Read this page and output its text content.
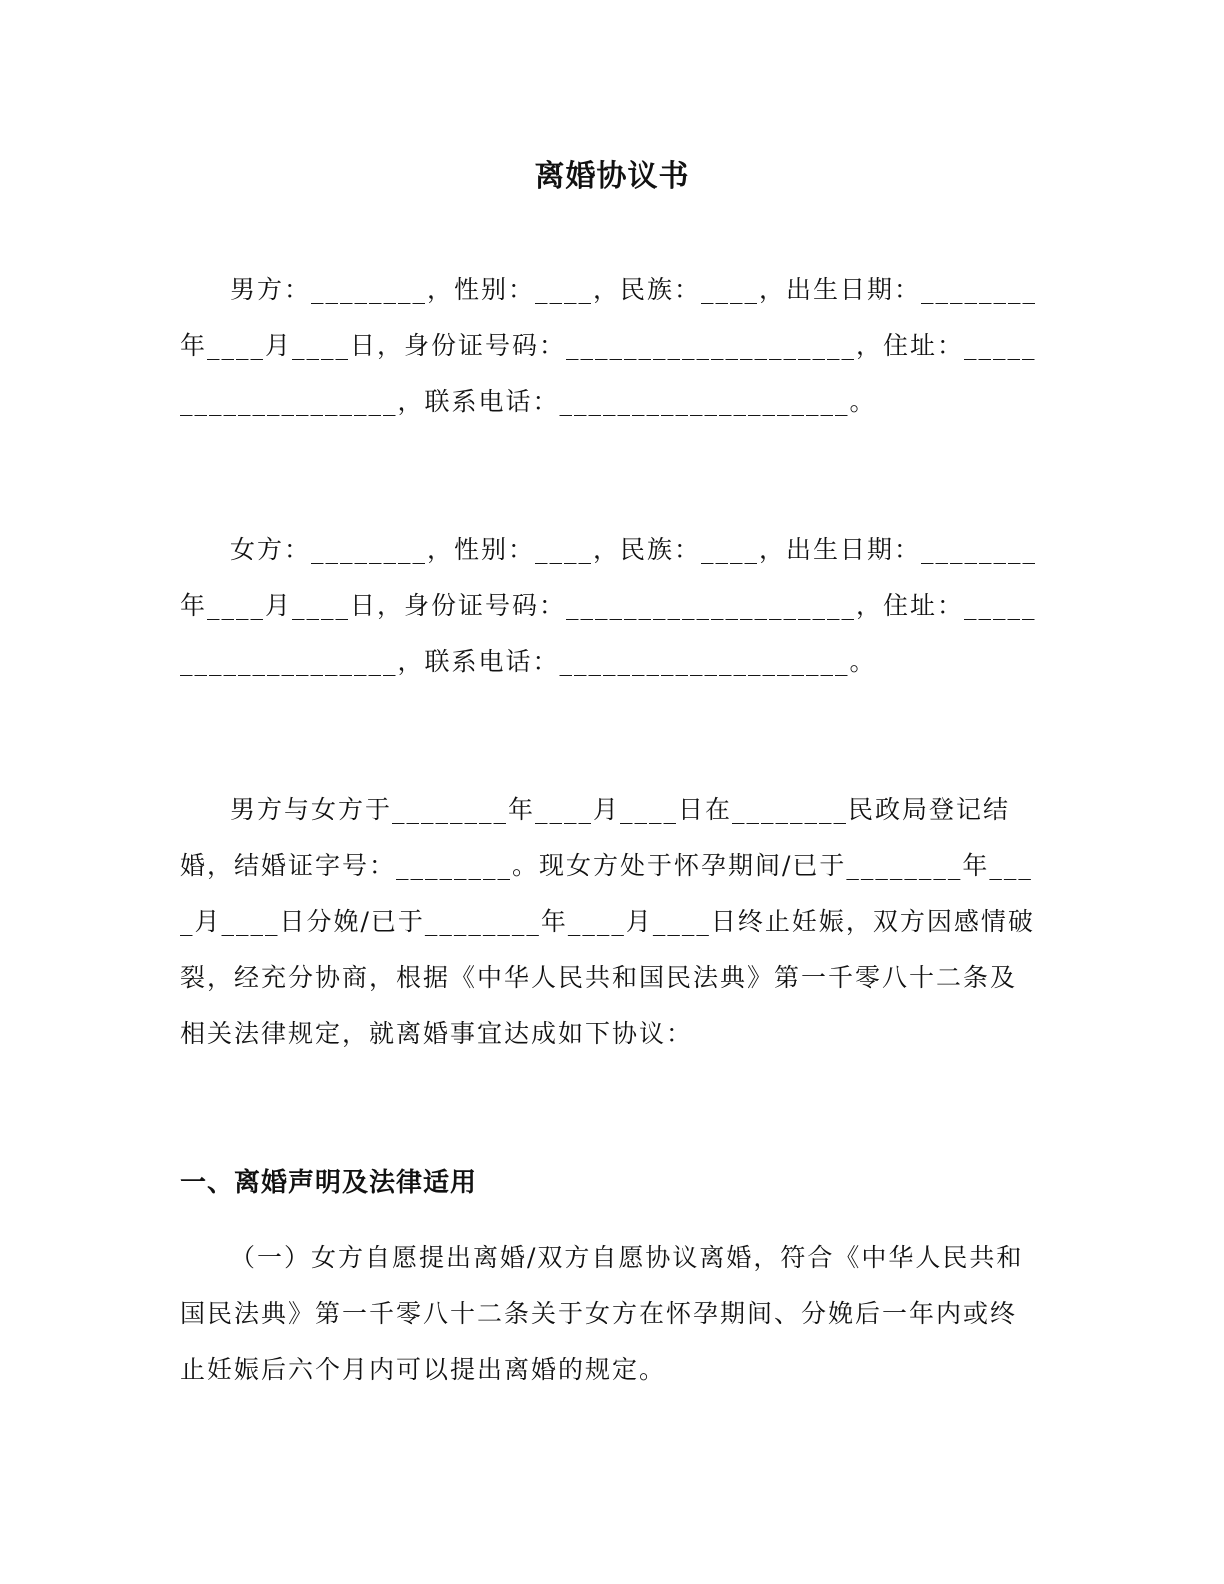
离婚协议书

男方：________，性别：____，民族：____，出生日期：________年____月____日，身份证号码：____________________，住址：____________________，联系电话：____________________。

女方：________，性别：____，民族：____，出生日期：________年____月____日，身份证号码：____________________，住址：____________________，联系电话：____________________。

男方与女方于________年____月____日在________民政局登记结婚，结婚证字号：________。现女方处于怀孕期间/已于________年____月____日分娩/已于________年____月____日终止妊娠，双方因感情破裂，经充分协商，根据《中华人民共和国民法典》第一千零八十二条及相关法律规定，就离婚事宜达成如下协议：

一、离婚声明及法律适用

（一）女方自愿提出离婚/双方自愿协议离婚，符合《中华人民共和国民法典》第一千零八十二条关于女方在怀孕期间、分娩后一年内或终止妊娠后六个月内可以提出离婚的规定。
